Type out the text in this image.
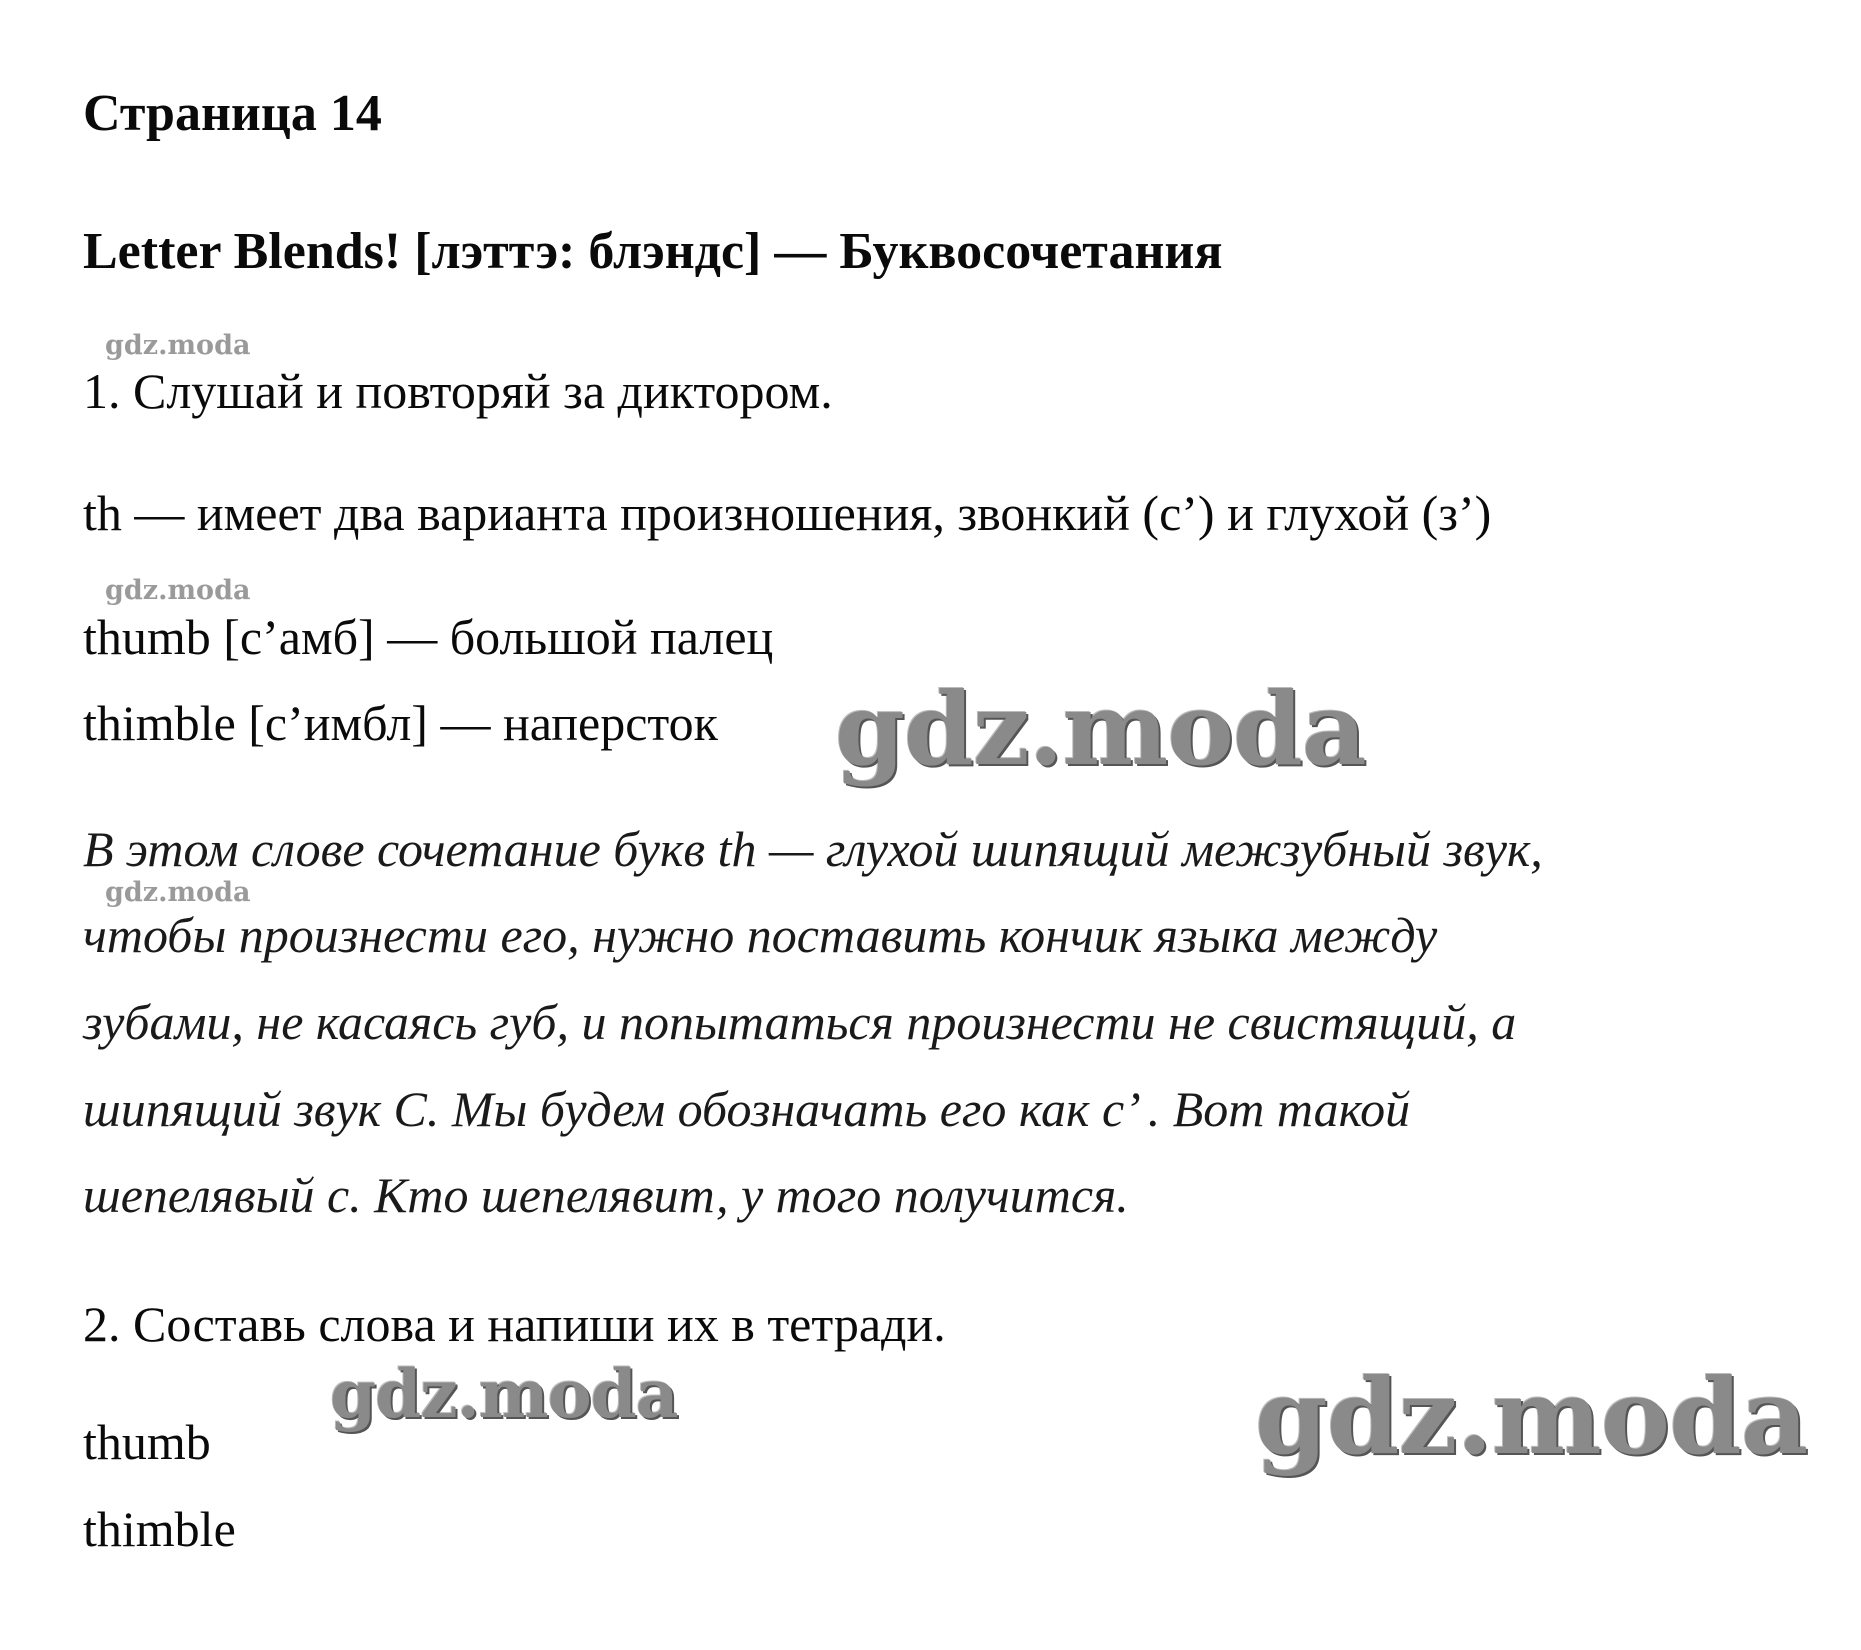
Страница 14

Letter Blends! [лэттэ: блэндс] — Буквосочетания

gdz.moda
gdz.moda
gdz.moda

1. Слушай и повторяй за диктором.

th — имеет два варианта произношения, звонкий (с’) и глухой (з’)

thumb [с’амб] — большой палец

thimble [с’имбл] — наперсток gdz.moda

В этом слове сочетание букв th — глухой шипящий межзубный звук,

чтобы произнести его, нужно поставить кончик языка между

зубами, не касаясь губ, и попытаться произнести не свистящий, а

шипящий звук С. Мы будем обозначать его как с’ . Вот такой

шепелявый с. Кто шепелявит, у того получится.

2. Составь слова и напиши их в тетради.

gdz.moda	gdz.moda

thumb

thimble
